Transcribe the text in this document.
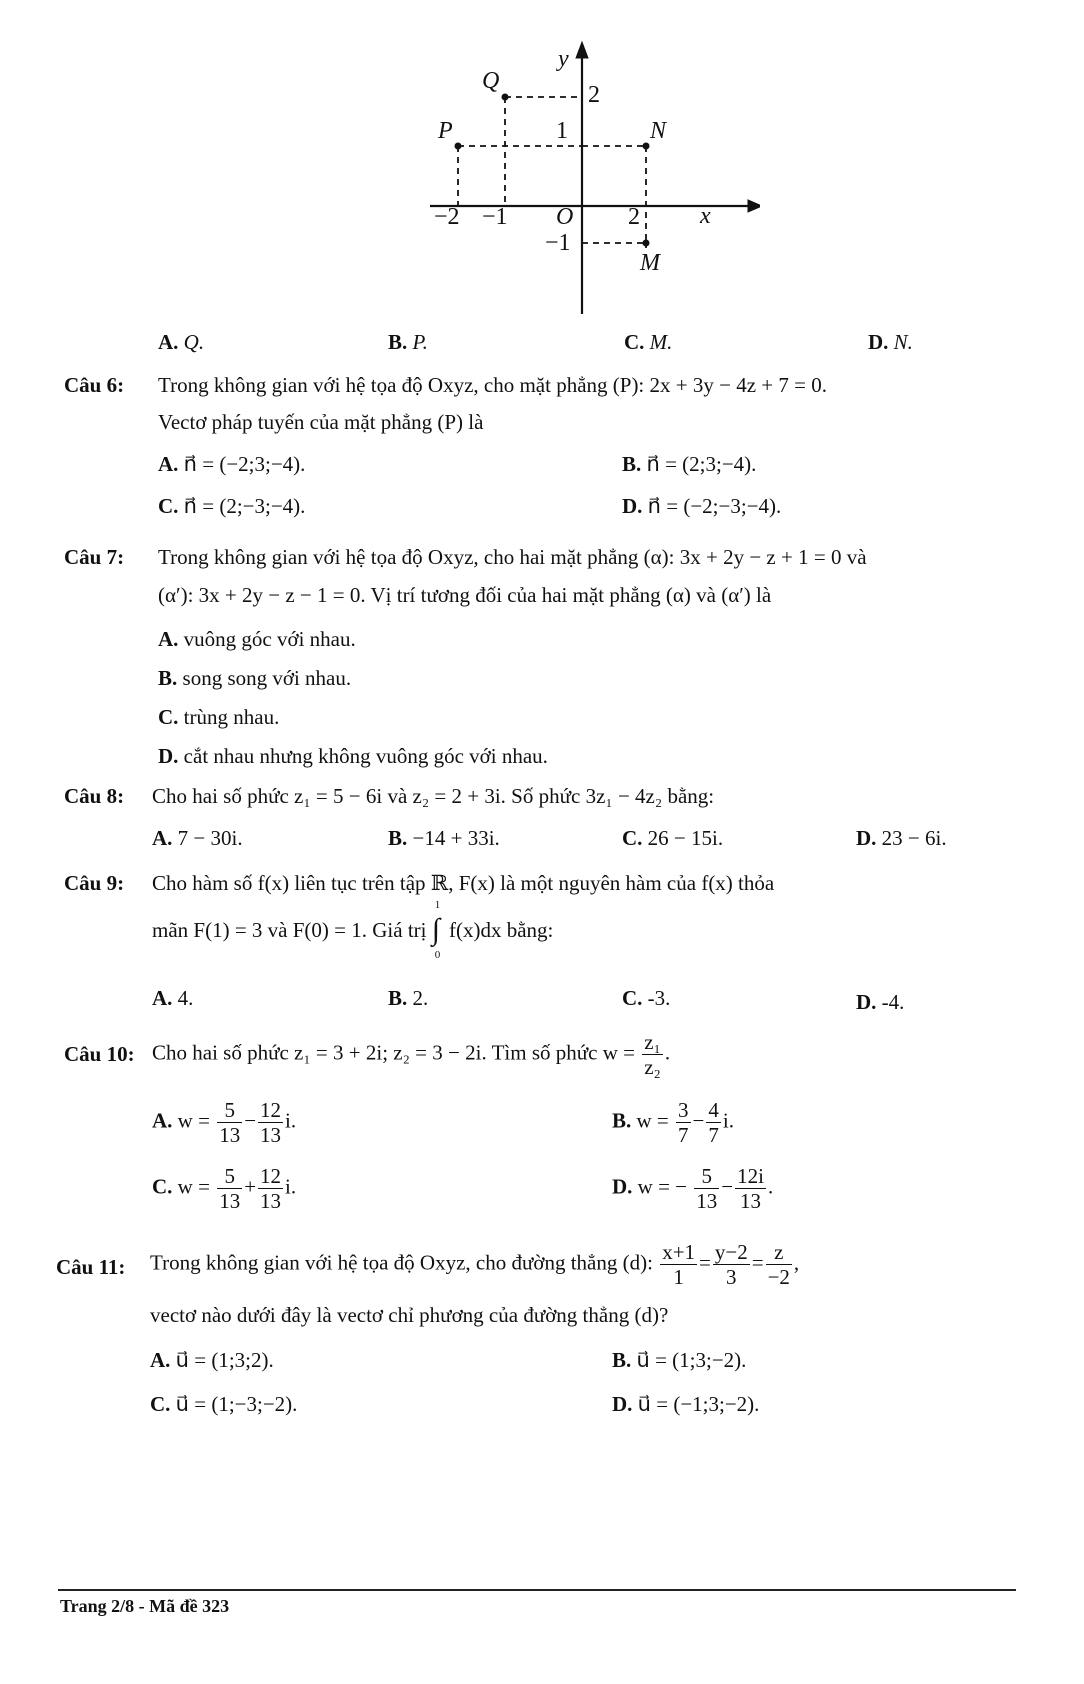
y
x
Q
P	N
M
O
2
1
−1
−2 −1	2
A. Q.	B. P.	C. M.	D. N.
Câu 6: Trong không gian với hệ tọa độ Oxyz, cho mặt phẳng (P): 2x + 3y − 4z + 7 = 0.
Vectơ pháp tuyến của mặt phẳng (P) là
A. n⃗ = (−2;3;−4).	B. n⃗ = (2;3;−4).
C. n⃗ = (2;−3;−4).	D. n⃗ = (−2;−3;−4).
Câu 7: Trong không gian với hệ tọa độ Oxyz, cho hai mặt phẳng (α): 3x + 2y − z + 1 = 0 và
(α′): 3x + 2y − z − 1 = 0. Vị trí tương đối của hai mặt phẳng (α) và (α′) là
A. vuông góc với nhau.
B. song song với nhau.
C. trùng nhau.
D. cắt nhau nhưng không vuông góc với nhau.
Câu 8: Cho hai số phức z₁ = 5 − 6i và z₂ = 2 + 3i. Số phức 3z₁ − 4z₂ bằng:
A. 7 − 30i.	B. −14 + 33i.	C. 26 − 15i.	D. 23 − 6i.
Câu 9: Cho hàm số f(x) liên tục trên tập ℝ, F(x) là một nguyên hàm của f(x) thỏa
mãn F(1) = 3 và F(0) = 1. Giá trị
1
∫
0
f(x)dx bằng:
A. 4.	B. 2.	C. -3.	D. -4.
Câu 10: Cho hai số phức z₁ = 3 + 2i; z₂ = 3 − 2i. Tìm số phức $w = \frac{\text{z₁}}{\text{z₂}}$ .
A. $w = \frac{5}{13} - \frac{12}{13} i$.	B. $w = \frac{3}{7} - \frac{4}{7} i$.
C. $w = \frac{5}{13} + \frac{12}{13} i$.	D. w = − $\frac{5}{13} - \frac{12i}{13}$ .
Câu 11: Trong không gian với hệ tọa độ Oxyz, cho đường thẳng (d): $\frac{x+1}{1} = \frac{y-2}{3} = \frac{z}{-2}$ ,
vectơ nào dưới đây là vectơ chỉ phương của đường thẳng (d)?
A. u⃗ = (1;3;2).	B. u⃗ = (1;3;−2).
C. u⃗ = (1;−3;−2).	D. u⃗ = (−1;3;−2).
Trang 2/8 - Mã đề 323
